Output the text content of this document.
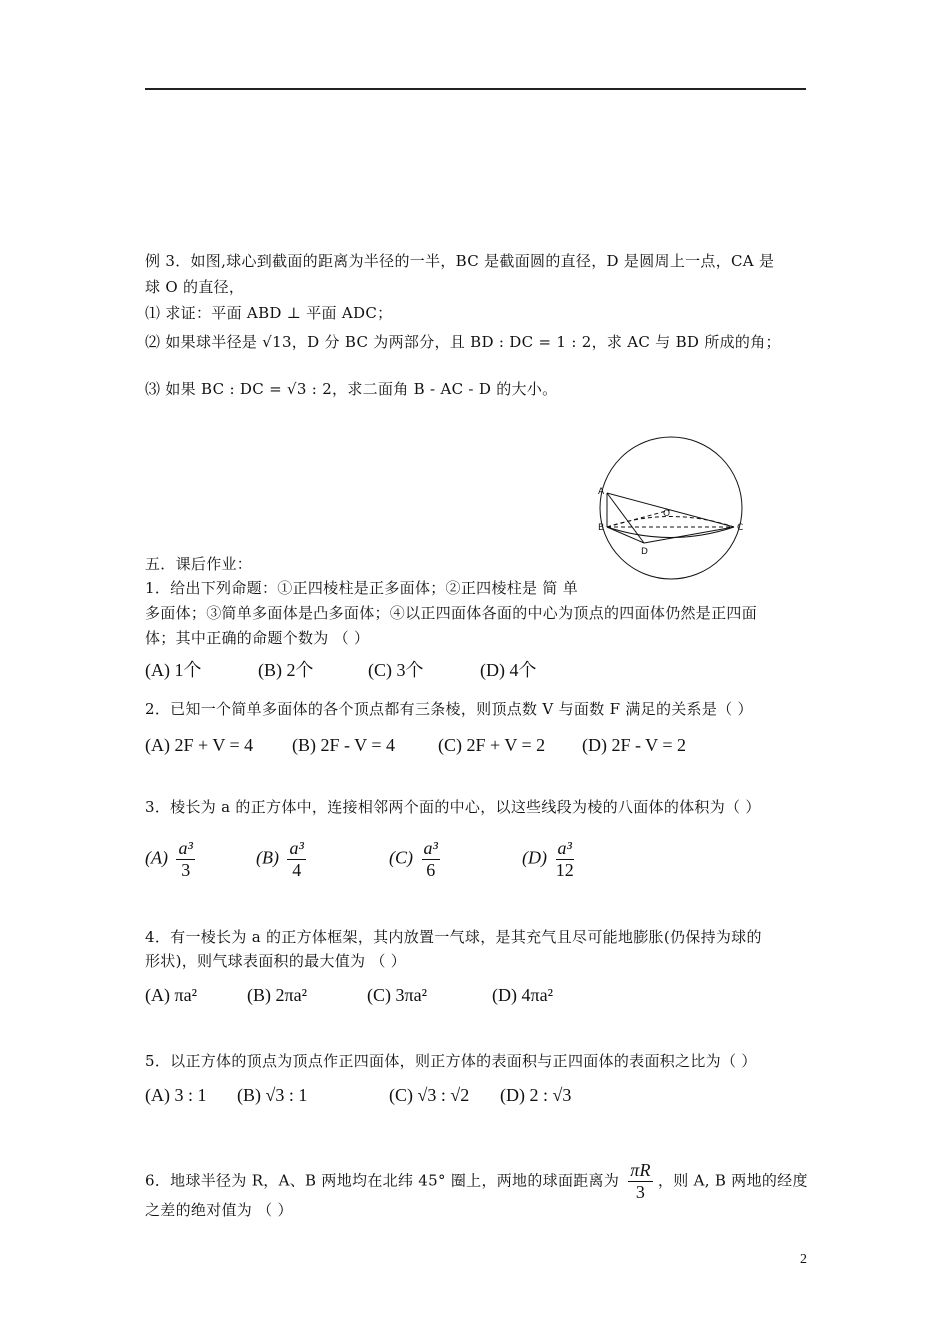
例 3．如图,球心到截面的距离为半径的一半，BC 是截面圆的直径，D 是圆周上一点，CA 是
球 O 的直径，
⑴ 求证：平面 ABD ⊥ 平面 ADC；
⑵ 如果球半径是 √13，D 分 BC 为两部分，且 BD : DC = 1 : 2，求 AC 与 BD 所成的角；
⑶ 如果 BC : DC = √3 : 2，求二面角 B - AC - D 的大小。
A
B	C
D
O
五．课后作业：
1．给出下列命题：①正四棱柱是正多面体；②正四棱柱是 简 单
多面体；③简单多面体是凸多面体；④以正四面体各面的中心为顶点的四面体仍然是正四面
体；其中正确的命题个数为 （ ）
(A) 1个	(B) 2个	(C) 3个	(D) 4个
2．已知一个简单多面体的各个顶点都有三条棱，则顶点数 V 与面数 F 满足的关系是（ ）
(A) 2F + V = 4 (B) 2F - V = 4 (C) 2F + V = 2 (D) 2F - V = 2
3．棱长为 a 的正方体中，连接相邻两个面的中心，以这些线段为棱的八面体的体积为（ ）
$(A) \frac{\text{a³}}{3}$	$(B) \frac{\text{a³}}{4}$	$(C) \frac{\text{a³}}{6}$	$(D) \frac{\text{a³}}{12}$
4．有一棱长为 a 的正方体框架，其内放置一气球，是其充气且尽可能地膨胀(仍保持为球的
形状)，则气球表面积的最大值为 （ ）
(A) πa²	(B) 2πa²	(C) 3πa²	(D) 4πa²
5．以正方体的顶点为顶点作正四面体，则正方体的表面积与正四面体的表面积之比为（ ）
(A) 3 : 1 (B) √3 : 1	(C) √3 : √2 (D) 2 : √3
6．地球半径为 R，A、B 两地均在北纬 45° 圈上，两地的球面距离为 $\frac{\pi R}{3}$ ，则 A, B 两地的经度
之差的绝对值为 （ ）
2
